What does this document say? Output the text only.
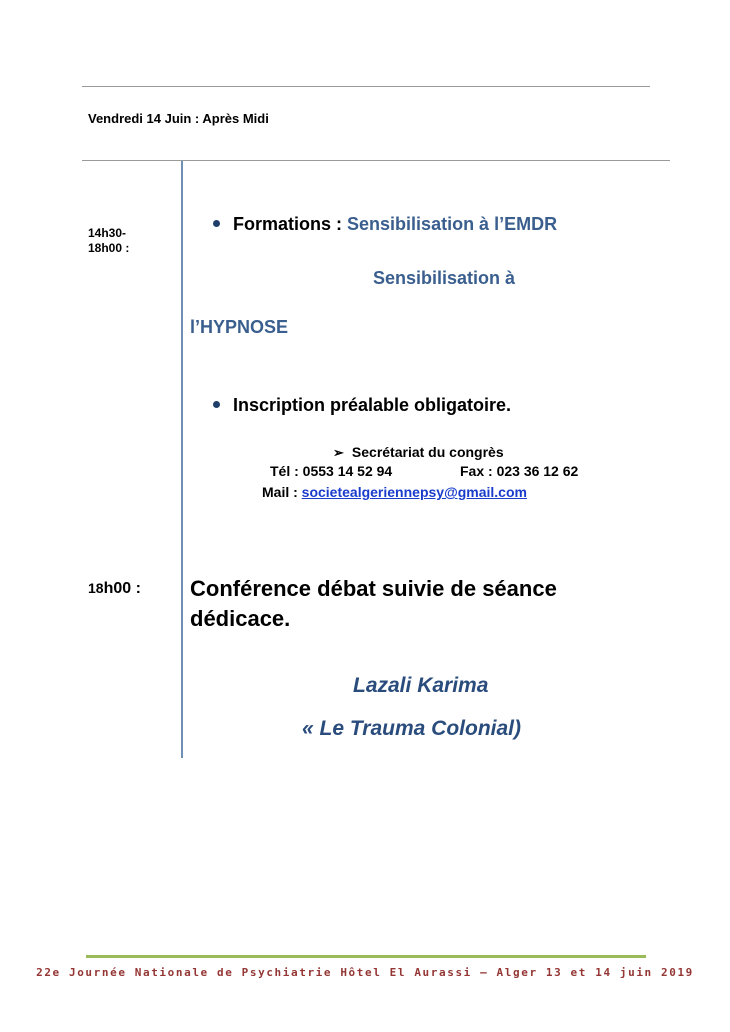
Vendredi 14 Juin : Après Midi
14h30-
18h00 :
Formations : Sensibilisation à l’EMDR
Sensibilisation à
l’HYPNOSE
Inscription préalable obligatoire.
➢ Secrétariat du congrès
Tél : 0553 14 52 94	Fax : 023 36 12 62
Mail : societealgeriennepsy@gmail.com
18h00 : Conférence débat suivie de séance dédicace.
Lazali Karima
« Le Trauma Colonial)
22e Journée Nationale de Psychiatrie Hôtel El Aurassi – Alger 13 et 14 juin 2019
